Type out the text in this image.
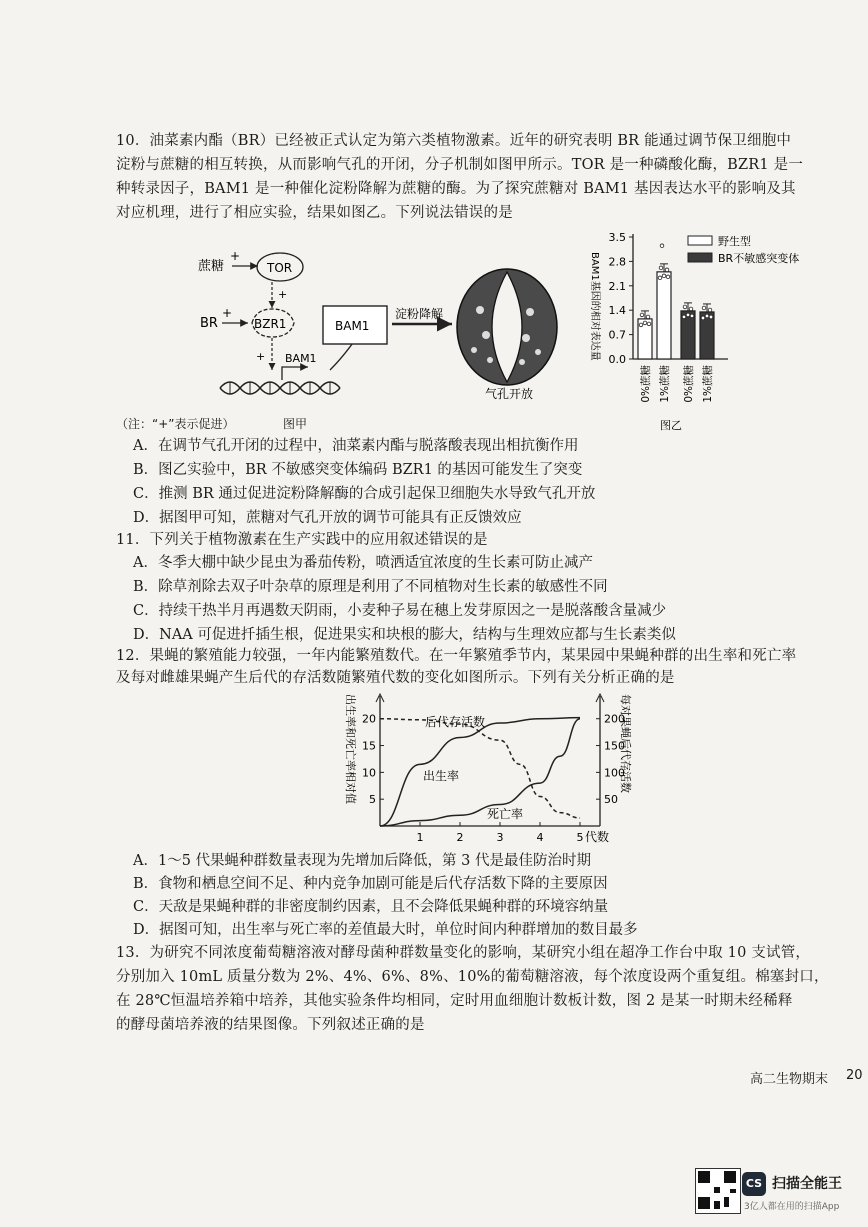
10．油菜素内酯（BR）已经被正式认定为第六类植物激素。近年的研究表明 BR 能通过调节保卫细胞中
淀粉与蔗糖的相互转换，从而影响气孔的开闭，分子机制如图甲所示。TOR 是一种磷酸化酶，BZR1 是一
种转录因子，BAM1 是一种催化淀粉降解为蔗糖的酶。为了探究蔗糖对 BAM1 基因表达水平的影响及其
对应机理，进行了相应实验，结果如图乙。下列说法错误的是
蔗糖
+
TOR
+
BR
+
BZR1
+ BAM1
BAM1
淀粉降解
气孔开放
（注：“+”表示促进）	图甲
BAM1基因的相对表达量 0.0
0.7
1.4
2.1
2.8
3.5
0%蔗糖 1%蔗糖 0%蔗糖 1%蔗糖
野生型
BR不敏感突变体
图乙
A．在调节气孔开闭的过程中，油菜素内酯与脱落酸表现出相抗衡作用
B．图乙实验中，BR 不敏感突变体编码 BZR1 的基因可能发生了突变
C．推测 BR 通过促进淀粉降解酶的合成引起保卫细胞失水导致气孔开放
D．据图甲可知，蔗糖对气孔开放的调节可能具有正反馈效应
11．下列关于植物激素在生产实践中的应用叙述错误的是
A．冬季大棚中缺少昆虫为番茄传粉，喷洒适宜浓度的生长素可防止减产
B．除草剂除去双子叶杂草的原理是利用了不同植物对生长素的敏感性不同
C．持续干热半月再遇数天阴雨，小麦种子易在穗上发芽原因之一是脱落酸含量减少
D．NAA 可促进扦插生根，促进果实和块根的膨大，结构与生理效应都与生长素类似
12．果蝇的繁殖能力较强，一年内能繁殖数代。在一年繁殖季节内，某果园中果蝇种群的出生率和死亡率
及每对雌雄果蝇产生后代的存活数随繁殖代数的变化如图所示。下列有关分析正确的是
出生率和死亡率相对值	每对果蝇后代存活数
5
10
15
20
50
100
150
200
1	2	3	4	5
后代存活数
出生率
死亡率
代数
A．1～5 代果蝇种群数量表现为先增加后降低，第 3 代是最佳防治时期
B．食物和栖息空间不足、种内竞争加剧可能是后代存活数下降的主要原因
C．天敌是果蝇种群的非密度制约因素，且不会降低果蝇种群的环境容纳量
D．据图可知，出生率与死亡率的差值最大时，单位时间内种群增加的数目最多
13．为研究不同浓度葡萄糖溶液对酵母菌种群数量变化的影响，某研究小组在超净工作台中取 10 支试管，
分别加入 10mL 质量分数为 2%、4%、6%、8%、10%的葡萄糖溶液，每个浓度设两个重复组。棉塞封口，
在 28℃恒温培养箱中培养，其他实验条件均相同，定时用血细胞计数板计数，图 2 是某一时期未经稀释
的酵母菌培养液的结果图像。下列叙述正确的是
高二生物期末 20
CS 扫描全能王
3亿人都在用的扫描App
